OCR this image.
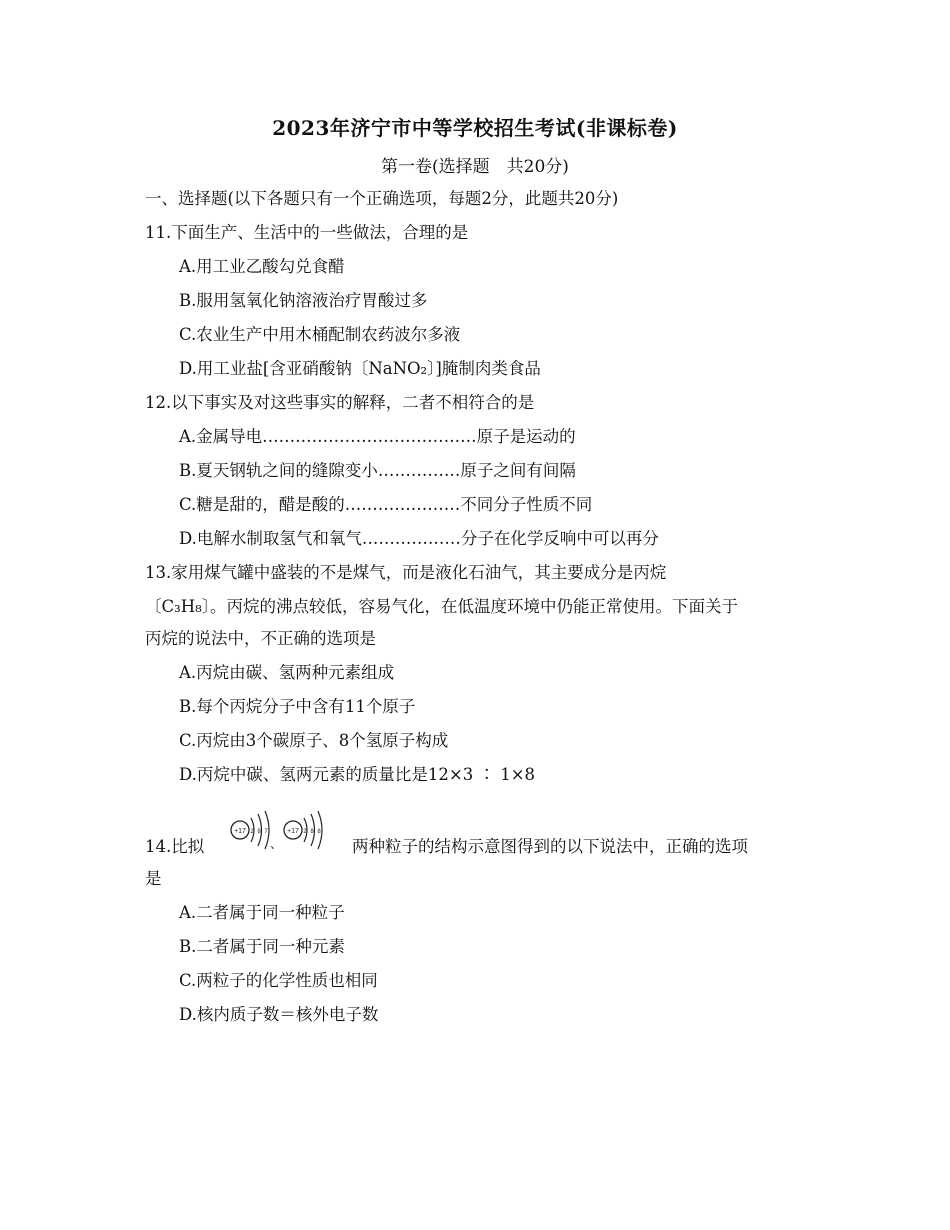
2023年济宁市中等学校招生考试(非课标卷)
第一卷(选择题　共20分)
一、选择题(以下各题只有一个正确选项，每题2分，此题共20分)
11.下面生产、生活中的一些做法，合理的是
A.用工业乙酸勾兑食醋
B.服用氢氧化钠溶液治疗胃酸过多
C.农业生产中用木桶配制农药波尔多液
D.用工业盐[含亚硝酸钠〔NaNO₂〕]腌制肉类食品
12.以下事实及对这些事实的解释，二者不相符合的是
A.金属导电…………………………………原子是运动的
B.夏天钢轨之间的缝隙变小……………原子之间有间隔
C.糖是甜的，醋是酸的…………………不同分子性质不同
D.电解水制取氢气和氧气………………分子在化学反响中可以再分
13.家用煤气罐中盛装的不是煤气，而是液化石油气，其主要成分是丙烷
〔C₃H₈〕。丙烷的沸点较低，容易气化，在低温度环境中仍能正常使用。下面关于
丙烷的说法中，不正确的选项是
A.丙烷由碳、氢两种元素组成
B.每个丙烷分子中含有11个原子
C.丙烷由3个碳原子、8个氢原子构成
D.丙烷中碳、氢两元素的质量比是12×3 ∶ 1×8
14.比拟
+17 2 8 7
、
+17 2 8 8
两种粒子的结构示意图得到的以下说法中，正确的选项
是
A.二者属于同一种粒子
B.二者属于同一种元素
C.两粒子的化学性质也相同
D.核内质子数＝核外电子数
